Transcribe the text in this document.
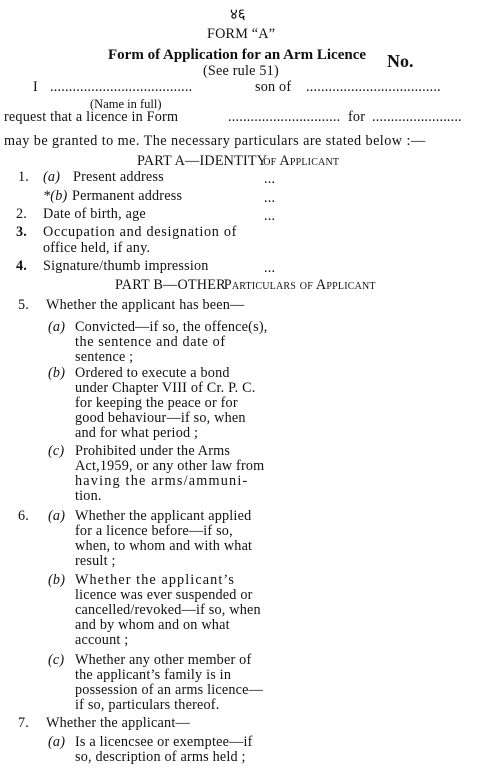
४६
FORM “A”
Form of Application for an Arm Licence No.
(See rule 51)
I ......................................	son of ....................................
(Name in full)
request that a licence in Form	.............................. for ........................
may be granted to me. The necessary particulars are stated below :—
PART A—IDENTITYof Applicant
1. (a) Present address	...
*(b) Permanent address	...
2. Date of birth, age	...
3. Occupation and designation of
office held, if any.
4. Signature/thumb impression	...
PART B—OTHERParticulars of Applicant
5. Whether the applicant has been—
(a) Convicted—if so, the offence(s),
the sentence and date of
sentence ;
(b) Ordered to execute a bond
under Chapter VIII of Cr. P. C.
for keeping the peace or for
good behaviour—if so, when
and for what period ;
(c) Prohibited under the Arms
Act,1959, or any other law from
having the arms/ammuni-
tion.
6. (a) Whether the applicant applied
for a licence before—if so,
when, to whom and with what
result ;
(b) Whether the applicant’s
licence was ever suspended or
cancelled/revoked—if so, when
and by whom and on what
account ;
(c) Whether any other member of
the applicant’s family is in
possession of an arms licence—
if so, particulars thereof.
7. Whether the applicant—
(a) Is a licencsee or exemptee—if
so, description of arms held ;
